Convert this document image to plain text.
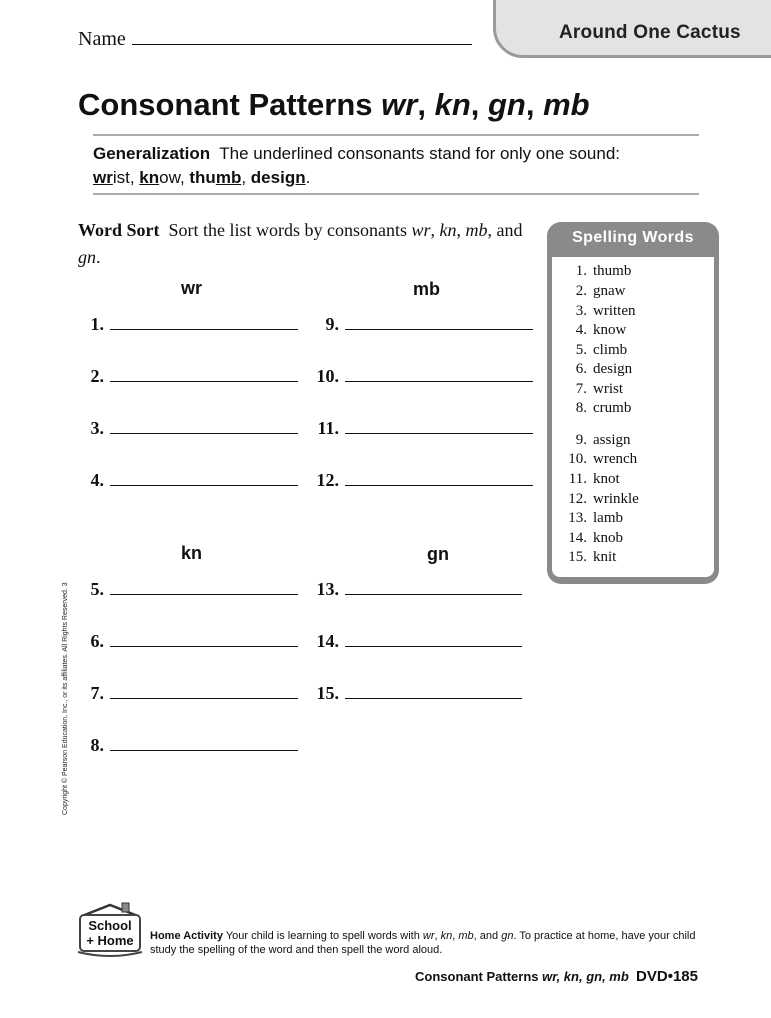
Around One Cactus
Name
Consonant Patterns wr, kn, gn, mb
Generalization The underlined consonants stand for only one sound:
wrist, know, thumb, design.
Word Sort Sort the list words by consonants wr, kn, mb, and gn.
wr	mb
kn	gn
1.
2.
3.
4.
5.
6.
7.
8.
9.
10.
11.
12.
13.
14.
15.
Spelling Words
1. thumb
2. gnaw
3. written
4. know
5. climb
6. design
7. wrist
8. crumb
9. assign
10. wrench
11. knot
12. wrinkle
13. lamb
14. knob
15. knit
Copyright © Pearson Education, Inc., or its affiliates. All Rights Reserved. 3
School
+ Home Home Activity Your child is learning to spell words with wr, kn, mb, and gn. To practice at home, have your child study the spelling of the word and then spell the word aloud.
Consonant Patterns wr, kn, gn, mb DVD•185
